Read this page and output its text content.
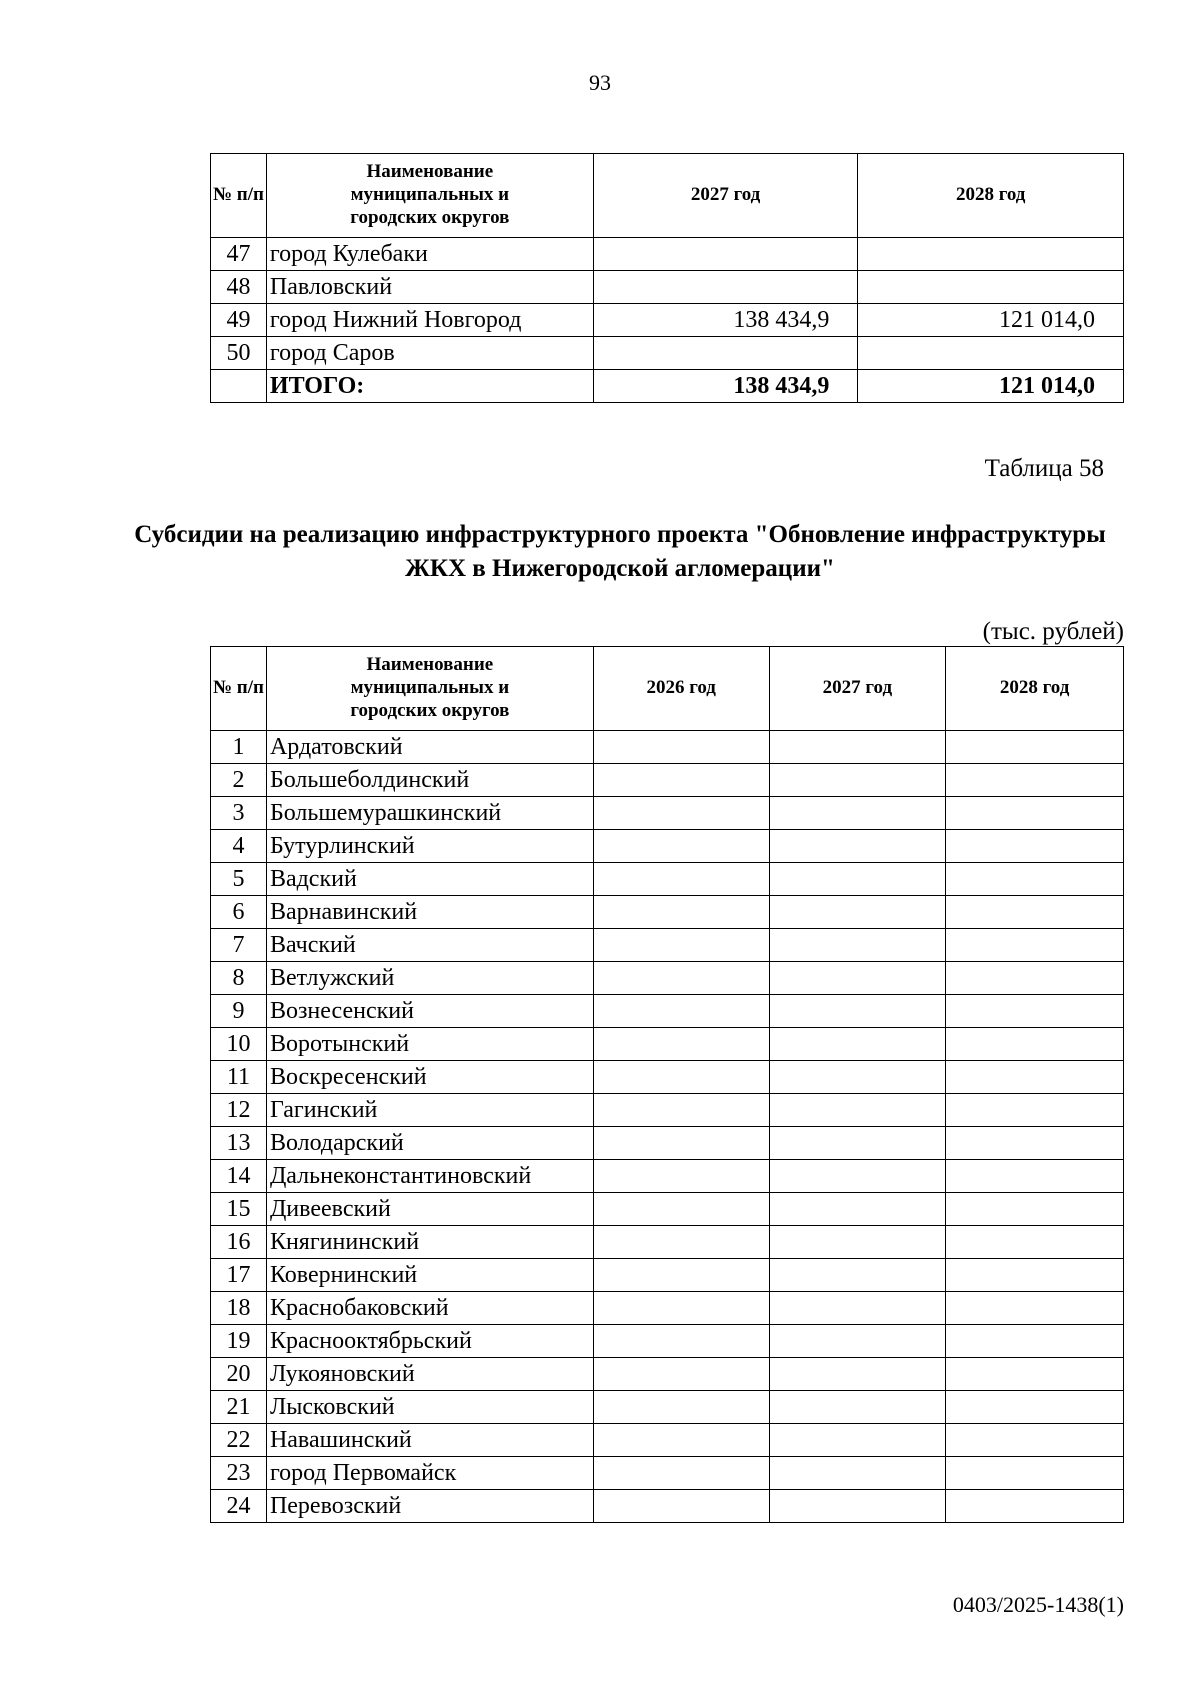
93
№ п/п	Наименование муниципальных и городских округов	2027 год	2028 год
47	город Кулебаки		
48	Павловский		
49	город Нижний Новгород	138 434,9	121 014,0
50	город Саров		
	ИТОГО:	138 434,9	121 014,0
Таблица 58
Субсидии на реализацию инфраструктурного проекта "Обновление инфраструктуры ЖКХ в Нижегородской агломерации"
(тыс. рублей)
№ п/п	Наименование муниципальных и городских округов	2026 год	2027 год	2028 год
1	Ардатовский			
2	Большеболдинский			
3	Большемурашкинский			
4	Бутурлинский			
5	Вадский			
6	Варнавинский			
7	Вачский			
8	Ветлужский			
9	Вознесенский			
10	Воротынский			
11	Воскресенский			
12	Гагинский			
13	Володарский			
14	Дальнеконстантиновский			
15	Дивеевский			
16	Княгининский			
17	Ковернинский			
18	Краснобаковский			
19	Краснооктябрьский			
20	Лукояновский			
21	Лысковский			
22	Навашинский			
23	город Первомайск			
24	Перевозский			
0403/2025-1438(1)
